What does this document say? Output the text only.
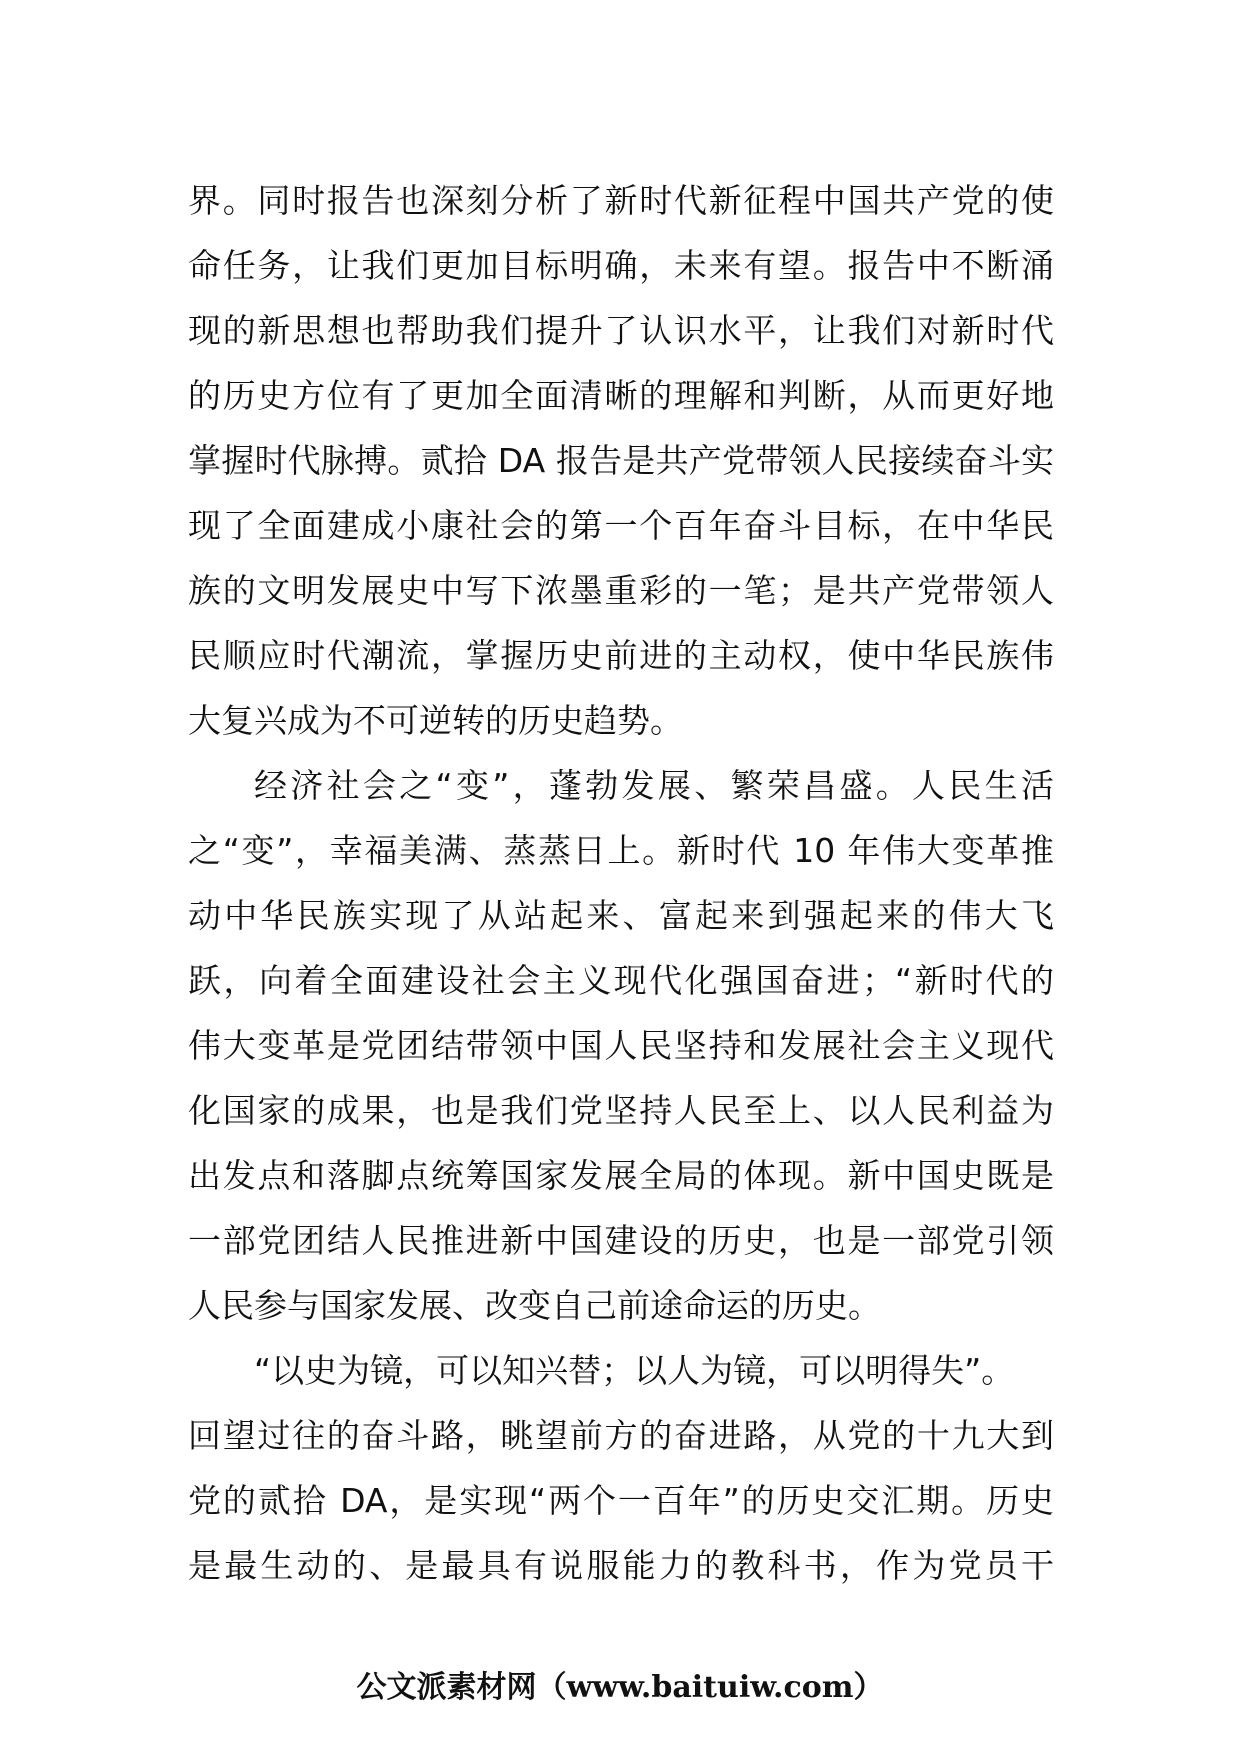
界。同时报告也深刻分析了新时代新征程中国共产党的使
命任务，让我们更加目标明确，未来有望。报告中不断涌
现的新思想也帮助我们提升了认识水平，让我们对新时代
的历史方位有了更加全面清晰的理解和判断，从而更好地
掌握时代脉搏。贰拾 DA 报告是共产党带领人民接续奋斗实
现了全面建成小康社会的第一个百年奋斗目标，在中华民
族的文明发展史中写下浓墨重彩的一笔；是共产党带领人
民顺应时代潮流，掌握历史前进的主动权，使中华民族伟
大复兴成为不可逆转的历史趋势。
经济社会之“变”，蓬勃发展、繁荣昌盛。人民生活
之“变”，幸福美满、蒸蒸日上。新时代 10 年伟大变革推
动中华民族实现了从站起来、富起来到强起来的伟大飞
跃，向着全面建设社会主义现代化强国奋进；“新时代的
伟大变革是党团结带领中国人民坚持和发展社会主义现代
化国家的成果，也是我们党坚持人民至上、以人民利益为
出发点和落脚点统筹国家发展全局的体现。新中国史既是
一部党团结人民推进新中国建设的历史，也是一部党引领
人民参与国家发展、改变自己前途命运的历史。
“以史为镜，可以知兴替；以人为镜，可以明得失”。
回望过往的奋斗路，眺望前方的奋进路，从党的十九大到
党的贰拾 DA，是实现“两个一百年”的历史交汇期。历史
是最生动的、是最具有说服能力的教科书，作为党员干
公文派素材网（www.baituiw.com）
